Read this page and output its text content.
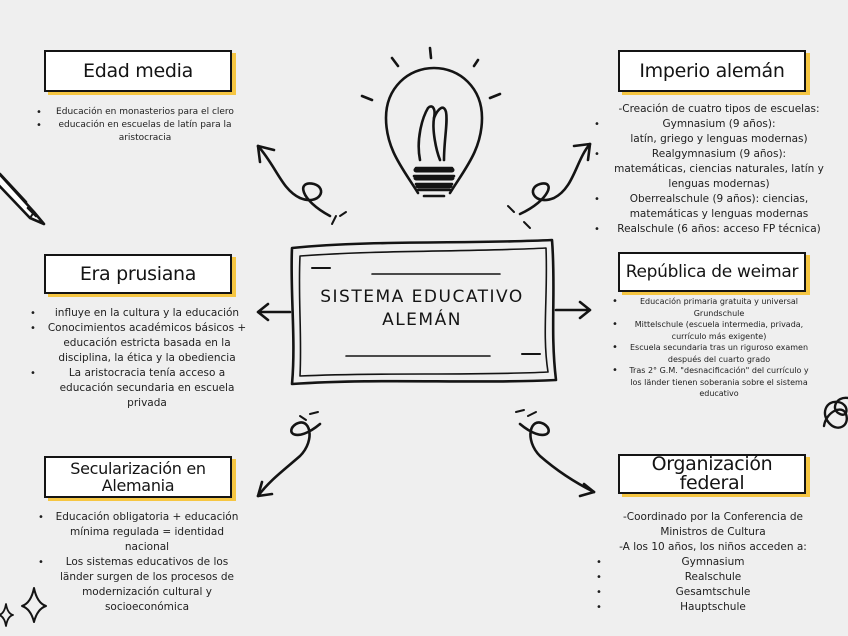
SISTEMA EDUCATIVO
ALEMÁN
Edad media
• Educación en monasterios para el clero
• educación en escuelas de latín para la aristocracia
Imperio alemán
-Creación de cuatro tipos de escuelas:
• Gymnasium (9 años):
latín, griego y lenguas modernas)
• Realgymnasium (9 años):
matemáticas, ciencias naturales, latín y lenguas modernas)
• Oberrealschule (9 años): ciencias, matemáticas y lenguas modernas
• Realschule (6 años: acceso FP técnica)
Era prusiana
• influye en la cultura y la educación
• Conocimientos académicos básicos + educación estricta basada en la disciplina, la ética y la obediencia
• La aristocracia tenía acceso a educación secundaria en escuela privada
República de weimar
• Educación primaria gratuita y universal Grundschule
• Mittelschule (escuela intermedia, privada, currículo más exigente)
• Escuela secundaria tras un riguroso examen después del cuarto grado
• Tras 2° G.M. "desnacificación" del currículo y los länder tienen soberania sobre el sistema educativo
Secularización en Alemania
• Educación obligatoria + educación mínima regulada = identidad nacional
• Los sistemas educativos de los länder surgen de los procesos de modernización cultural y socioeconómica
Organización federal
-Coordinado por la Conferencia de Ministros de Cultura
-A los 10 años, los niños acceden a:
• Gymnasium
• Realschule
• Gesamtschule
• Hauptschule
